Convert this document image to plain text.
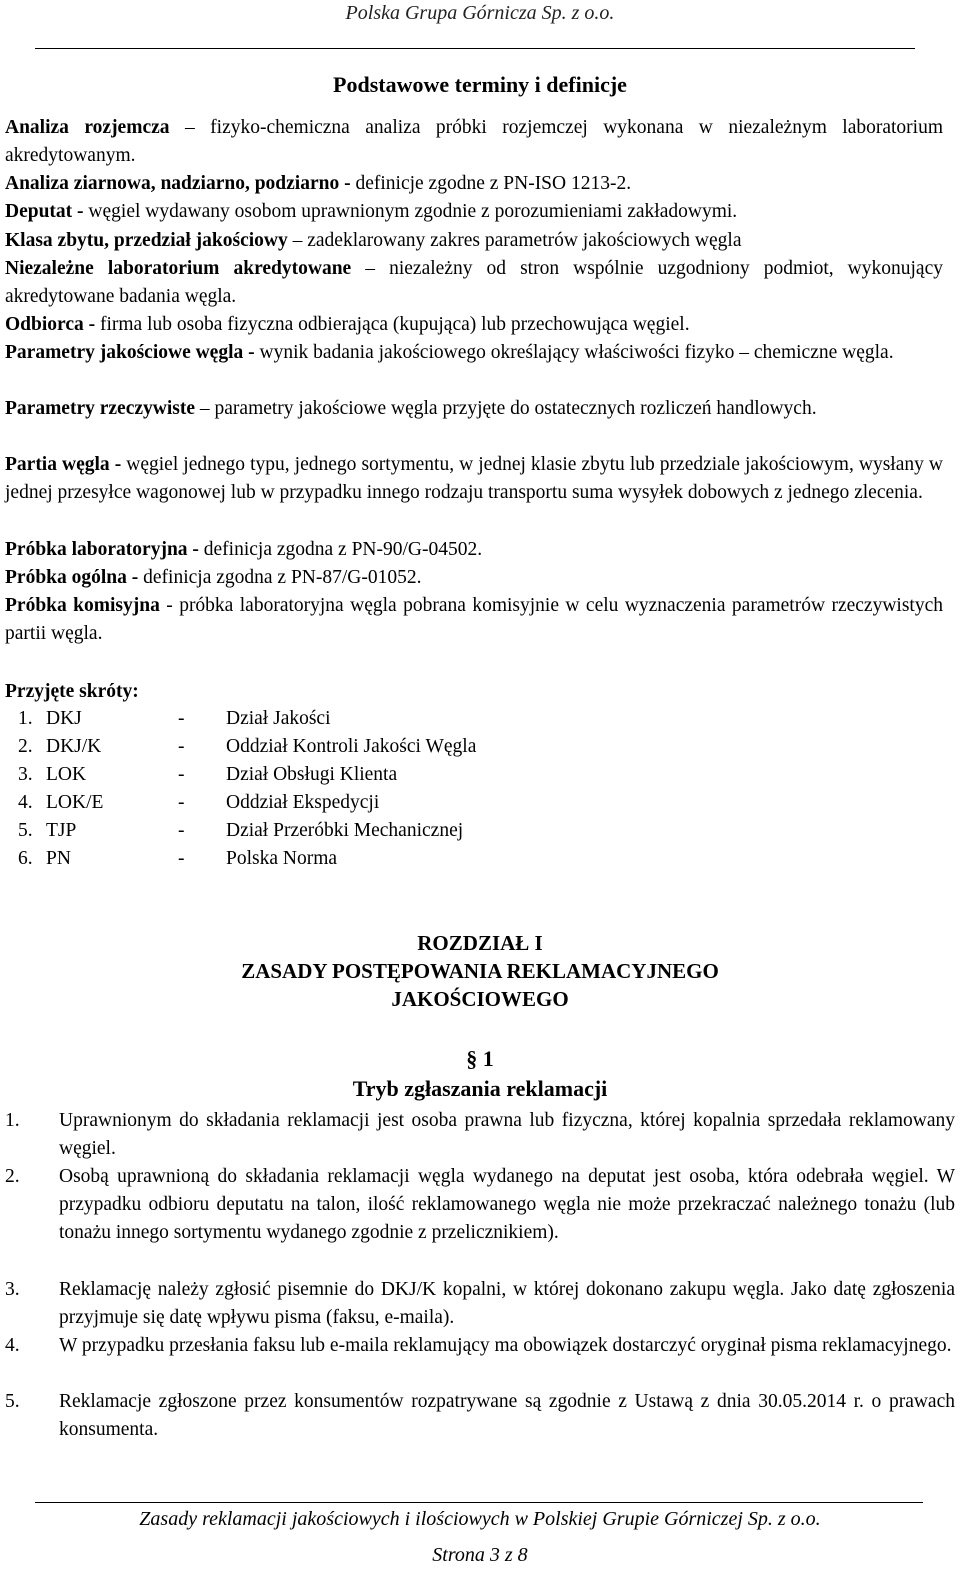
Polska Grupa Górnicza Sp. z o.o.
Podstawowe terminy i definicje
Analiza rozjemcza – fizyko-chemiczna analiza próbki rozjemczej wykonana w niezależnym laboratorium akredytowanym.
Analiza ziarnowa, nadziarno, podziarno - definicje zgodne z PN-ISO 1213-2.
Deputat - węgiel wydawany osobom uprawnionym zgodnie z porozumieniami zakładowymi.
Klasa zbytu, przedział jakościowy – zadeklarowany zakres parametrów jakościowych węgla
Niezależne laboratorium akredytowane – niezależny od stron wspólnie uzgodniony podmiot, wykonujący akredytowane badania węgla.
Odbiorca - firma lub osoba fizyczna odbierająca (kupująca) lub przechowująca węgiel.
Parametry jakościowe węgla - wynik badania jakościowego określający właściwości fizyko – chemiczne węgla.
Parametry rzeczywiste – parametry jakościowe węgla przyjęte do ostatecznych rozliczeń handlowych.
Partia węgla - węgiel jednego typu, jednego sortymentu, w jednej klasie zbytu lub przedziale jakościowym, wysłany w jednej przesyłce wagonowej lub w przypadku innego rodzaju transportu suma wysyłek dobowych z jednego zlecenia.
Próbka laboratoryjna - definicja zgodna z PN-90/G-04502.
Próbka ogólna - definicja zgodna z PN-87/G-01052.
Próbka komisyjna - próbka laboratoryjna węgla pobrana komisyjnie w celu wyznaczenia parametrów rzeczywistych partii węgla.
Przyjęte skróty:
1. DKJ	- Dział Jakości
2. DKJ/K	- Oddział Kontroli Jakości Węgla
3. LOK	- Dział Obsługi Klienta
4. LOK/E	- Oddział Ekspedycji
5. TJP	- Dział Przeróbki Mechanicznej
6. PN	- Polska Norma
ROZDZIAŁ I
ZASADY POSTĘPOWANIA REKLAMACYJNEGO
JAKOŚCIOWEGO
§ 1
Tryb zgłaszania reklamacji
1. Uprawnionym do składania reklamacji jest osoba prawna lub fizyczna, której kopalnia sprzedała reklamowany węgiel.
2. Osobą uprawnioną do składania reklamacji węgla wydanego na deputat jest osoba, która odebrała węgiel. W przypadku odbioru deputatu na talon, ilość reklamowanego węgla nie może przekraczać należnego tonażu (lub tonażu innego sortymentu wydanego zgodnie z przelicznikiem).
3. Reklamację należy zgłosić pisemnie do DKJ/K kopalni, w której dokonano zakupu węgla. Jako datę zgłoszenia przyjmuje się datę wpływu pisma (faksu, e-maila).
4. W przypadku przesłania faksu lub e-maila reklamujący ma obowiązek dostarczyć oryginał pisma reklamacyjnego.
5. Reklamacje zgłoszone przez konsumentów rozpatrywane są zgodnie z Ustawą z dnia 30.05.2014 r. o prawach konsumenta.
Zasady reklamacji jakościowych i ilościowych w Polskiej Grupie Górniczej Sp. z o.o.
Strona 3 z 8
